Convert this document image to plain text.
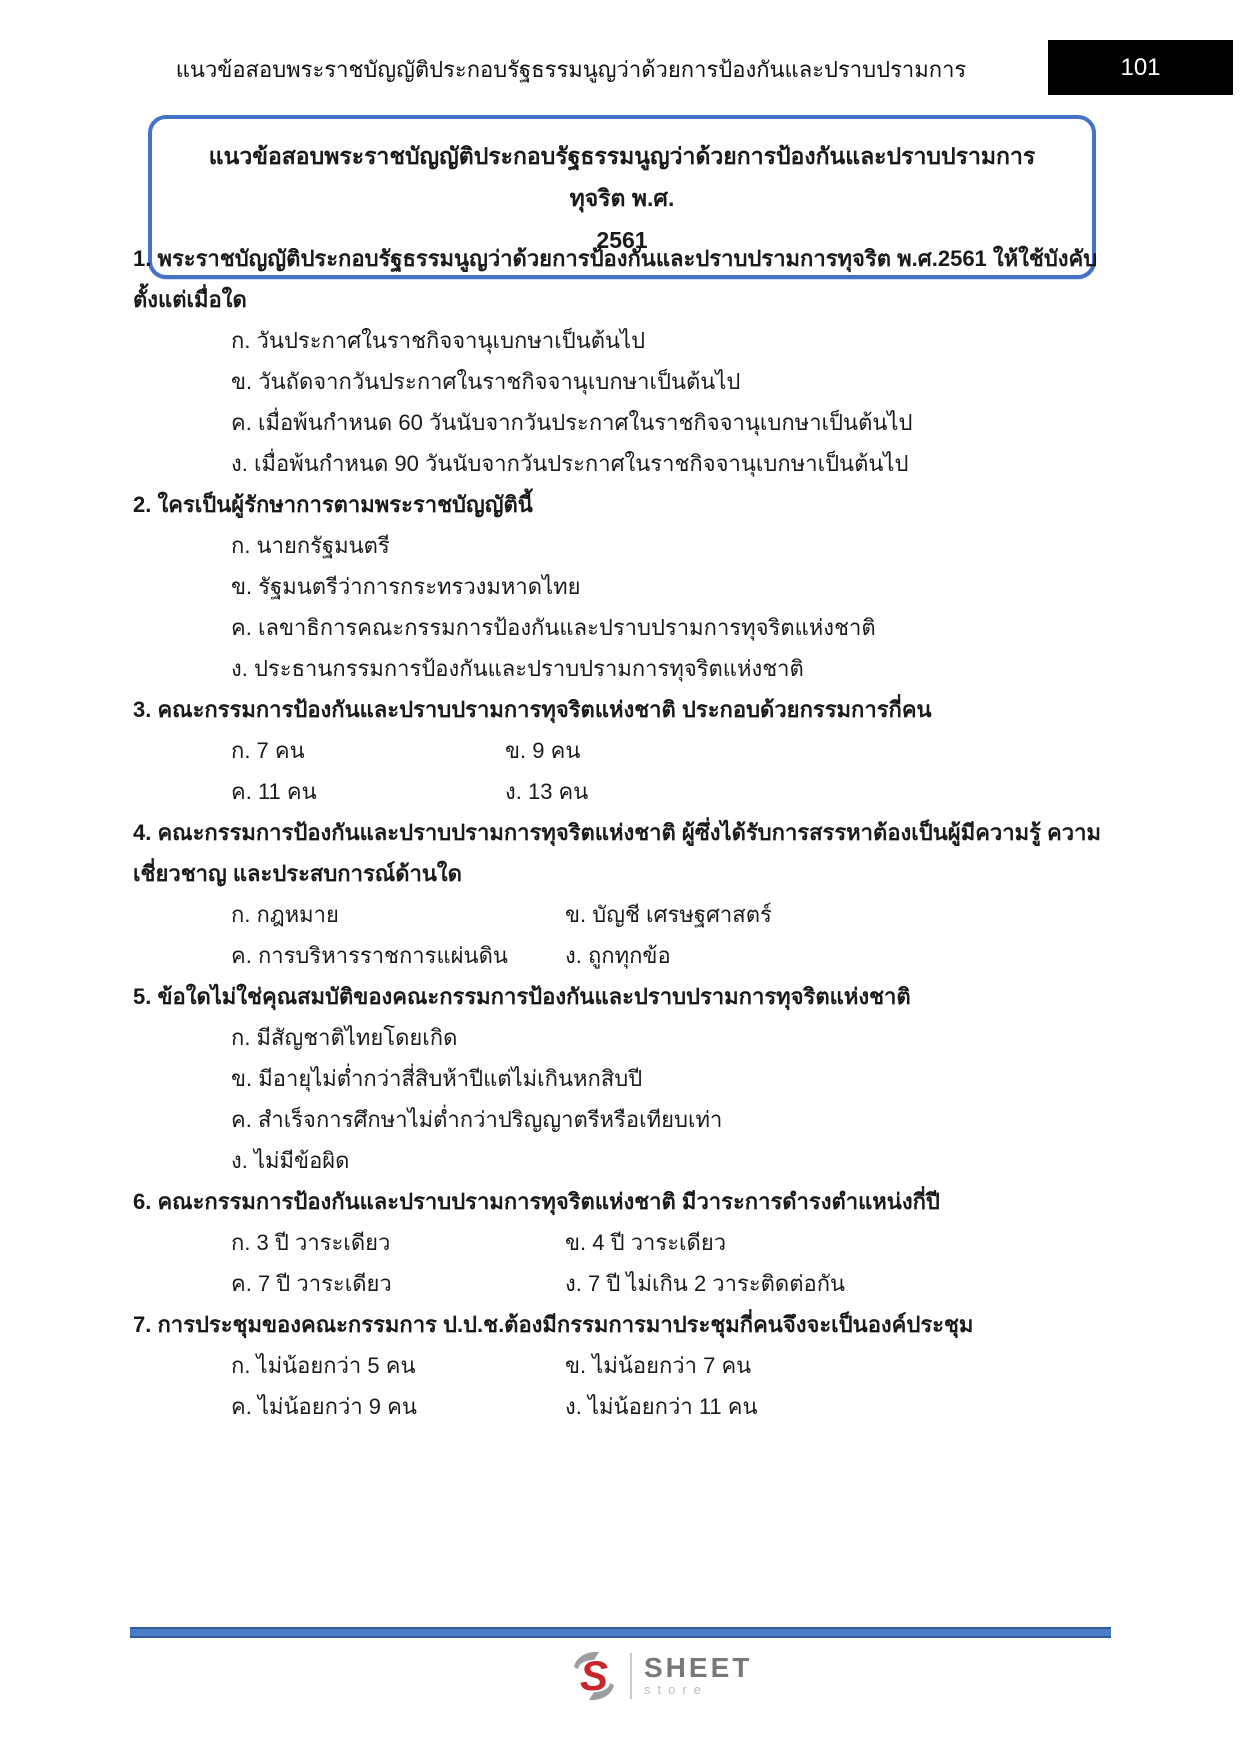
แนวข้อสอบพระราชบัญญัติประกอบรัฐธรรมนูญว่าด้วยการป้องกันและปราบปรามการ	101
แนวข้อสอบพระราชบัญญัติประกอบรัฐธรรมนูญว่าด้วยการป้องกันและปราบปรามการทุจริต พ.ศ.
2561
1. พระราชบัญญัติประกอบรัฐธรรมนูญว่าด้วยการป้องกันและปราบปรามการทุจริต พ.ศ.2561 ให้ใช้บังคับตั้งแต่เมื่อใด
ก. วันประกาศในราชกิจจานุเบกษาเป็นต้นไป
ข. วันถัดจากวันประกาศในราชกิจจานุเบกษาเป็นต้นไป
ค. เมื่อพ้นกำหนด 60 วันนับจากวันประกาศในราชกิจจานุเบกษาเป็นต้นไป
ง. เมื่อพ้นกำหนด 90 วันนับจากวันประกาศในราชกิจจานุเบกษาเป็นต้นไป
2. ใครเป็นผู้รักษาการตามพระราชบัญญัตินี้
ก. นายกรัฐมนตรี
ข. รัฐมนตรีว่าการกระทรวงมหาดไทย
ค. เลขาธิการคณะกรรมการป้องกันและปราบปรามการทุจริตแห่งชาติ
ง. ประธานกรรมการป้องกันและปราบปรามการทุจริตแห่งชาติ
3. คณะกรรมการป้องกันและปราบปรามการทุจริตแห่งชาติ ประกอบด้วยกรรมการกี่คน
ก. 7 คน	ข. 9 คน
ค. 11 คน	ง. 13 คน
4. คณะกรรมการป้องกันและปราบปรามการทุจริตแห่งชาติ ผู้ซึ่งได้รับการสรรหาต้องเป็นผู้มีความรู้ ความเชี่ยวชาญ และประสบการณ์ด้านใด
ก. กฎหมาย	ข. บัญชี เศรษฐศาสตร์
ค. การบริหารราชการแผ่นดิน	ง. ถูกทุกข้อ
5. ข้อใดไม่ใช่คุณสมบัติของคณะกรรมการป้องกันและปราบปรามการทุจริตแห่งชาติ
ก. มีสัญชาติไทยโดยเกิด
ข. มีอายุไม่ต่ำกว่าสี่สิบห้าปีแต่ไม่เกินหกสิบปี
ค. สำเร็จการศึกษาไม่ต่ำกว่าปริญญาตรีหรือเทียบเท่า
ง. ไม่มีข้อผิด
6. คณะกรรมการป้องกันและปราบปรามการทุจริตแห่งชาติ มีวาระการดำรงตำแหน่งกี่ปี
ก. 3 ปี วาระเดียว	ข. 4 ปี วาระเดียว
ค. 7 ปี วาระเดียว	ง. 7 ปี ไม่เกิน 2 วาระติดต่อกัน
7. การประชุมของคณะกรรมการ ป.ป.ช.ต้องมีกรรมการมาประชุมกี่คนจึงจะเป็นองค์ประชุม
ก. ไม่น้อยกว่า 5 คน	ข. ไม่น้อยกว่า 7 คน
ค. ไม่น้อยกว่า 9 คน	ง. ไม่น้อยกว่า 11 คน
S SHEET
store
